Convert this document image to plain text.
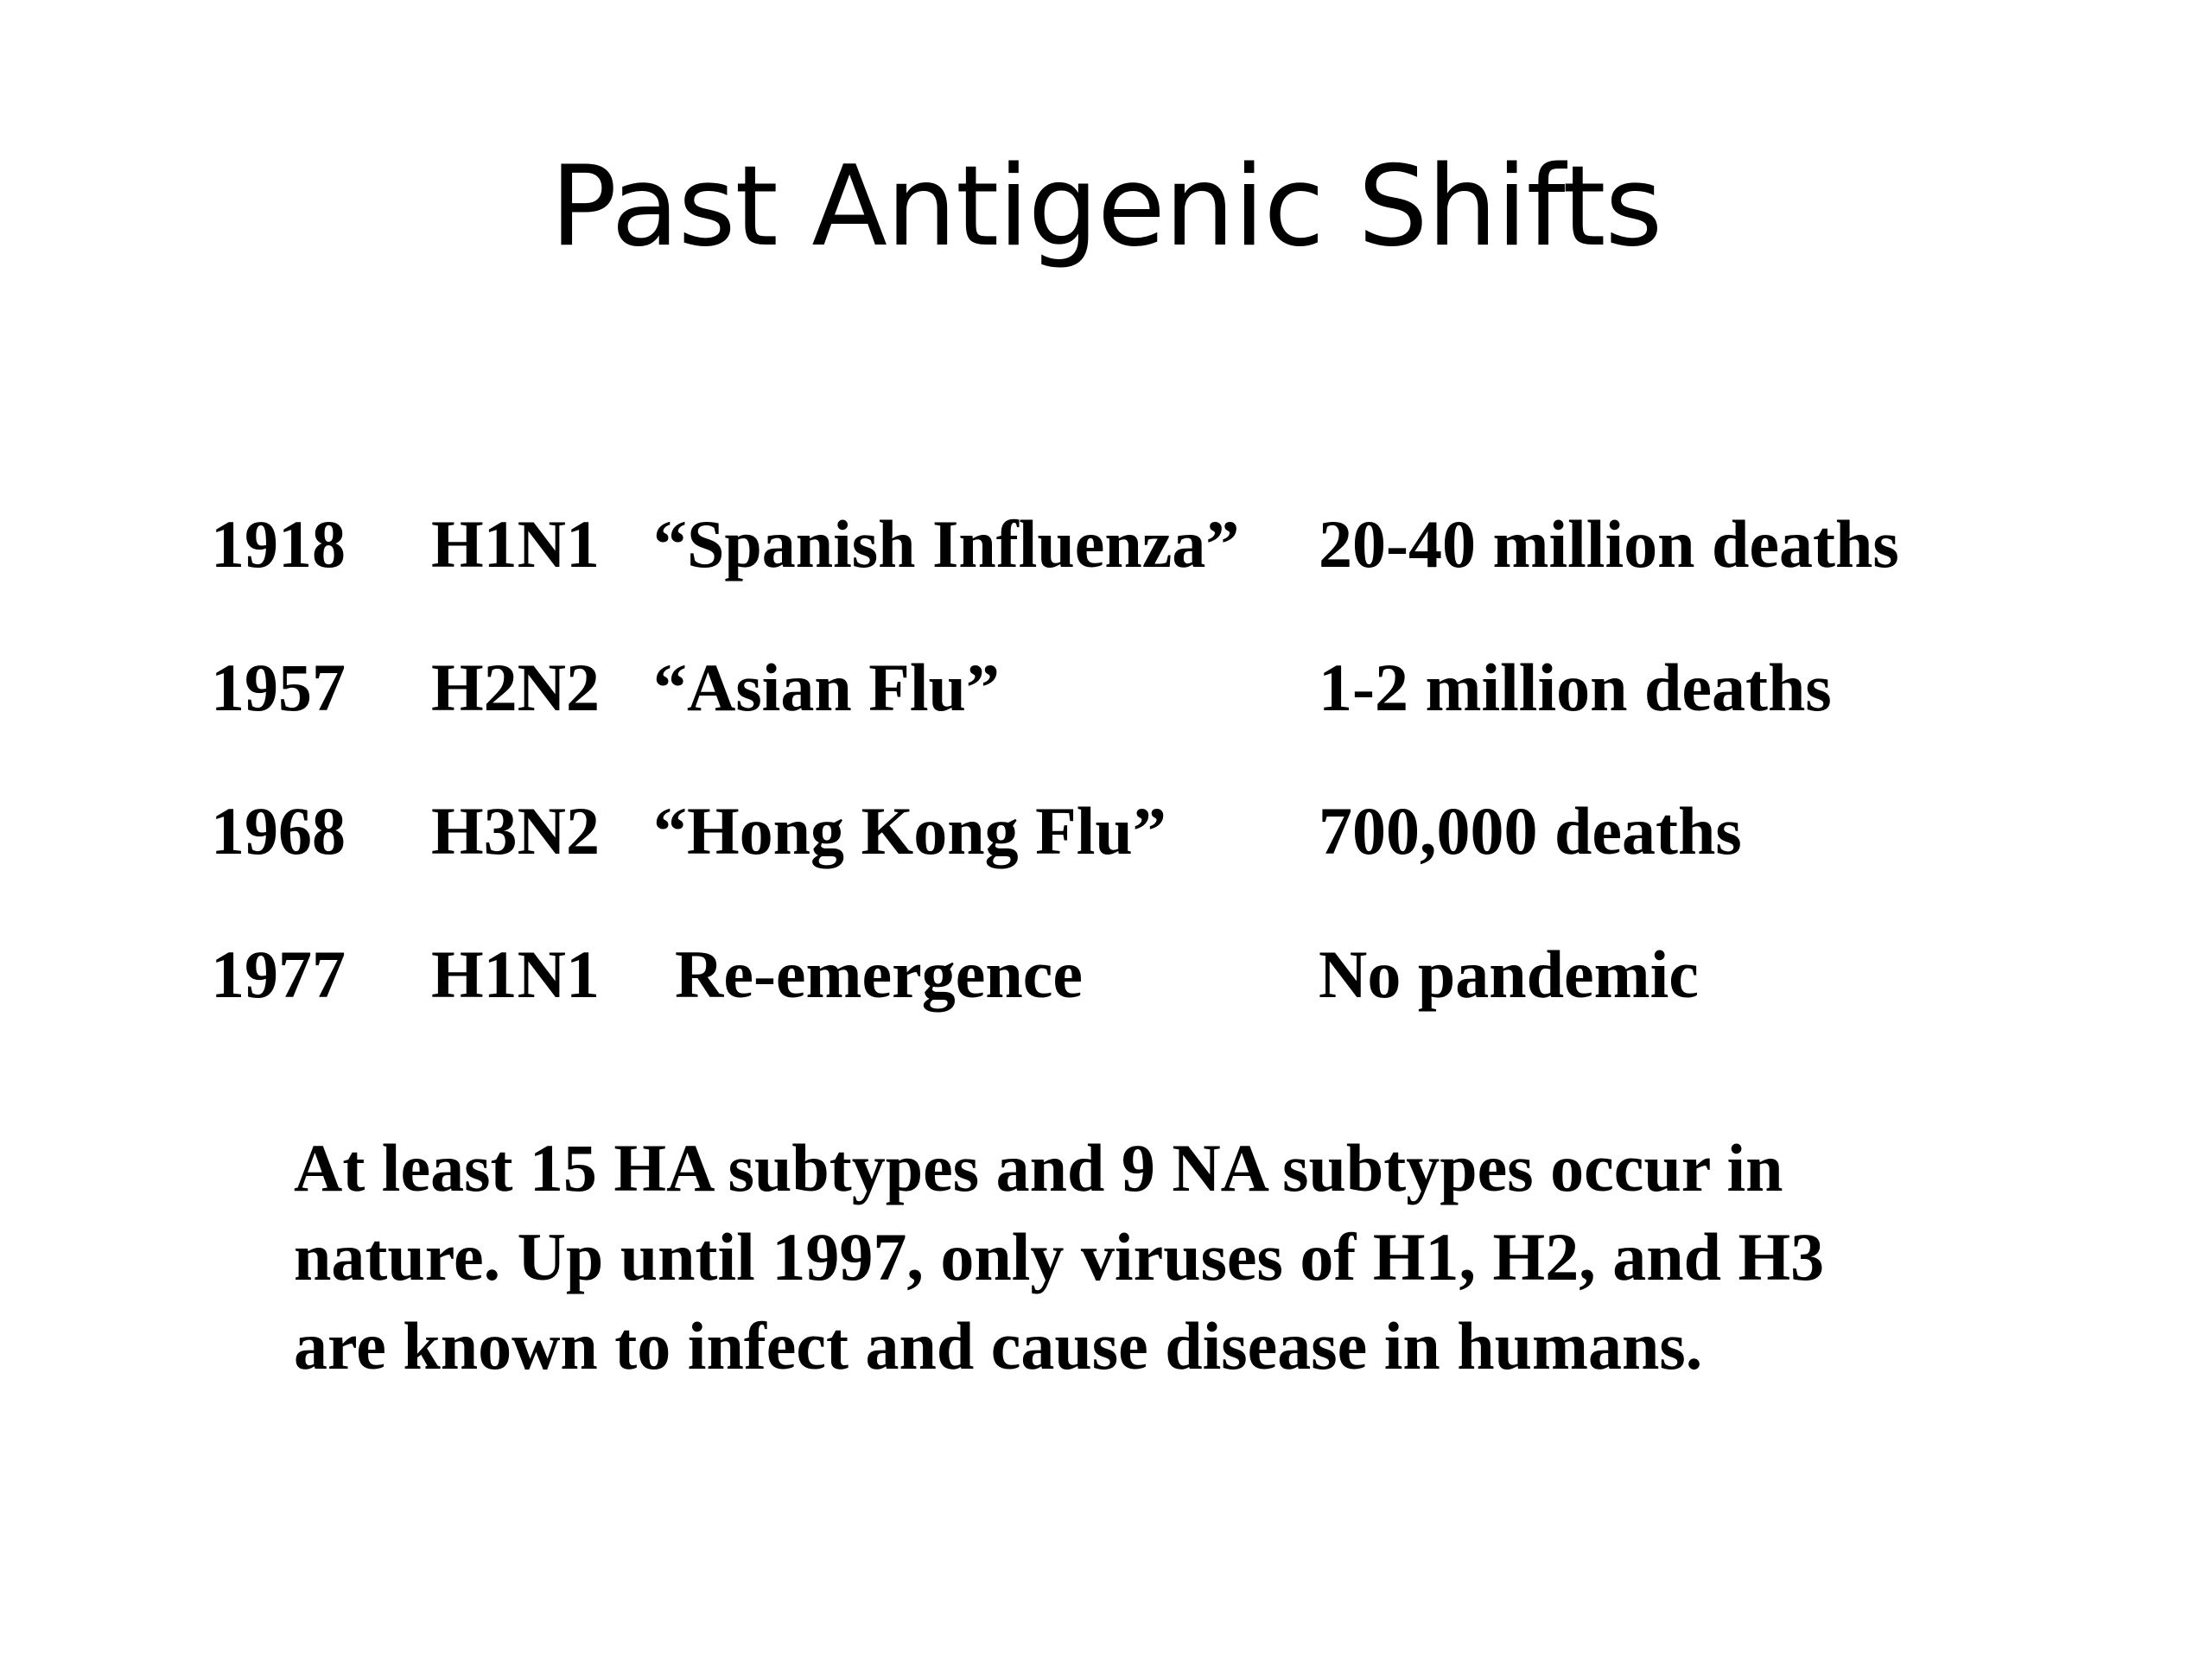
Past Antigenic Shifts
1918 H1N1 “Spanish Influenza” 20-40 million deaths
1957 H2N2 “Asian Flu”	1-2 million deaths
1968 H3N2 “Hong Kong Flu” 700,000 deaths
1977 H1N1 Re-emergence	No pandemic
At least 15 HA subtypes and 9 NA subtypes occur in
nature. Up until 1997, only viruses of H1, H2, and H3
are known to infect and cause disease in humans.
